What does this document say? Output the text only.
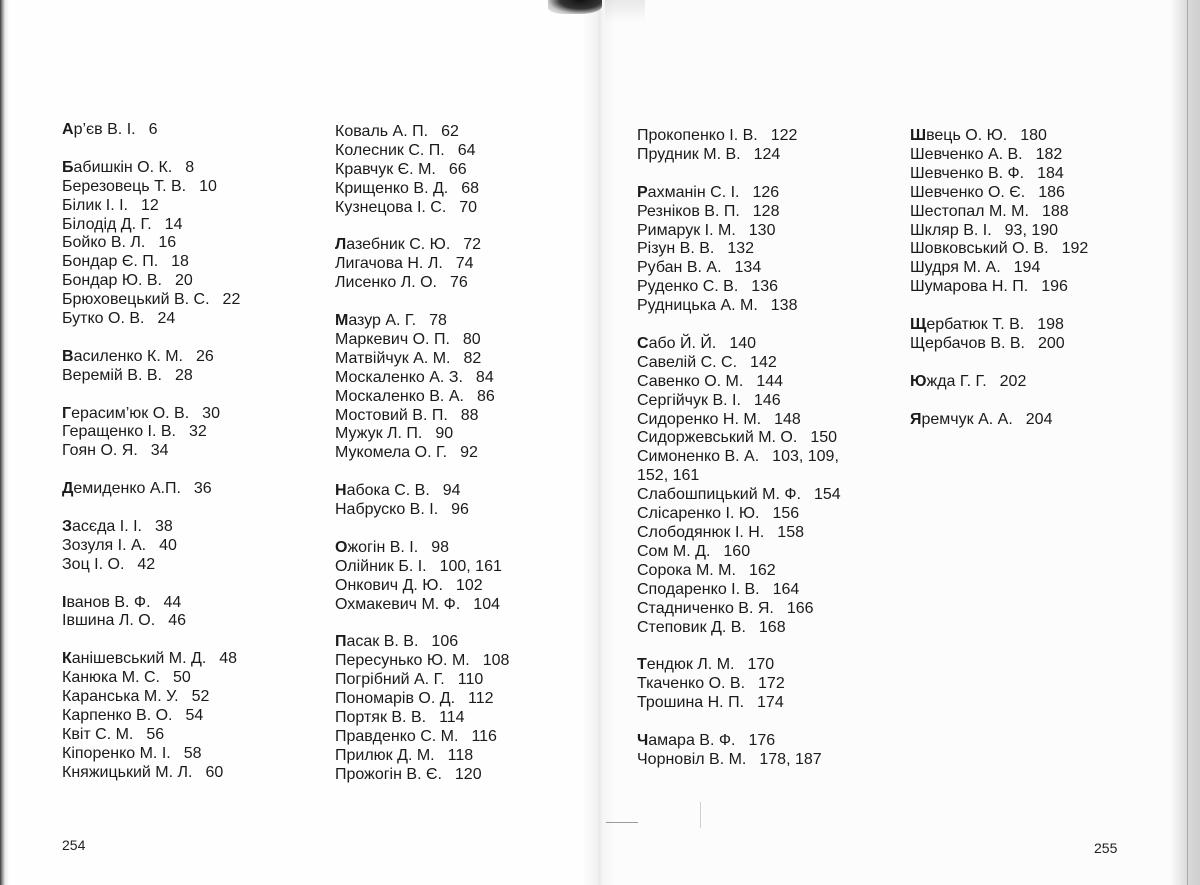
Ар’єв В. І. 6
Бабишкін О. К. 8
Березовець Т. В. 10
Білик І. І. 12
Білодід Д. Г. 14
Бойко В. Л. 16
Бондар Є. П. 18
Бондар Ю. В. 20
Брюховецький В. С. 22
Бутко О. В. 24
Василенко К. М. 26
Веремій В. В. 28
Герасим’юк О. В. 30
Геращенко І. В. 32
Гоян О. Я. 34
Демиденко А.П. 36
Засєда І. І. 38
Зозуля І. А. 40
Зоц І. О. 42
Іванов В. Ф. 44
Івшина Л. О. 46
Канішевський М. Д. 48
Канюка М. С. 50
Каранська М. У. 52
Карпенко В. О. 54
Квіт С. М. 56
Кіпоренко М. І. 58
Княжицький М. Л. 60
Коваль А. П. 62
Колесник С. П. 64
Кравчук Є. М. 66
Крищенко В. Д. 68
Кузнецова І. С. 70
Лазебник С. Ю. 72
Лигачова Н. Л. 74
Лисенко Л. О. 76
Мазур А. Г. 78
Маркевич О. П. 80
Матвійчук А. М. 82
Москаленко А. З. 84
Москаленко В. А. 86
Мостовий В. П. 88
Мужук Л. П. 90
Мукомела О. Г. 92
Набока С. В. 94
Набруско В. І. 96
Ожогін В. І. 98
Олійник Б. І. 100, 161
Онкович Д. Ю. 102
Охмакевич М. Ф. 104
Пасак В. В. 106
Пересунько Ю. М. 108
Погрібний А. Г. 110
Пономарів О. Д. 112
Портяк В. В. 114
Правденко С. М. 116
Прилюк Д. М. 118
Прожогін В. Є. 120
254
Прокопенко І. В. 122
Прудник М. В. 124
Рахманін С. І. 126
Резніков В. П. 128
Римарук І. М. 130
Різун В. В. 132
Рубан В. А. 134
Руденко С. В. 136
Рудницька А. М. 138
Сабо Й. Й. 140
Савелій С. С. 142
Савенко О. М. 144
Сергійчук В. І. 146
Сидоренко Н. М. 148
Сидоржевський М. О. 150
Симоненко В. А. 103, 109,
152, 161
Слабошпицький М. Ф. 154
Слісаренко І. Ю. 156
Слободянюк І. Н. 158
Сом М. Д. 160
Сорока М. М. 162
Сподаренко І. В. 164
Стадниченко В. Я. 166
Степовик Д. В. 168
Тендюк Л. М. 170
Ткаченко О. В. 172
Трошина Н. П. 174
Чамара В. Ф. 176
Чорновіл В. М. 178, 187
Швець О. Ю. 180
Шевченко А. В. 182
Шевченко В. Ф. 184
Шевченко О. Є. 186
Шестопал М. М. 188
Шкляр В. І. 93, 190
Шовковський О. В. 192
Шудря М. А. 194
Шумарова Н. П. 196
Щербатюк Т. В. 198
Щербачов В. В. 200
Южда Г. Г. 202
Яремчук А. А. 204
255
